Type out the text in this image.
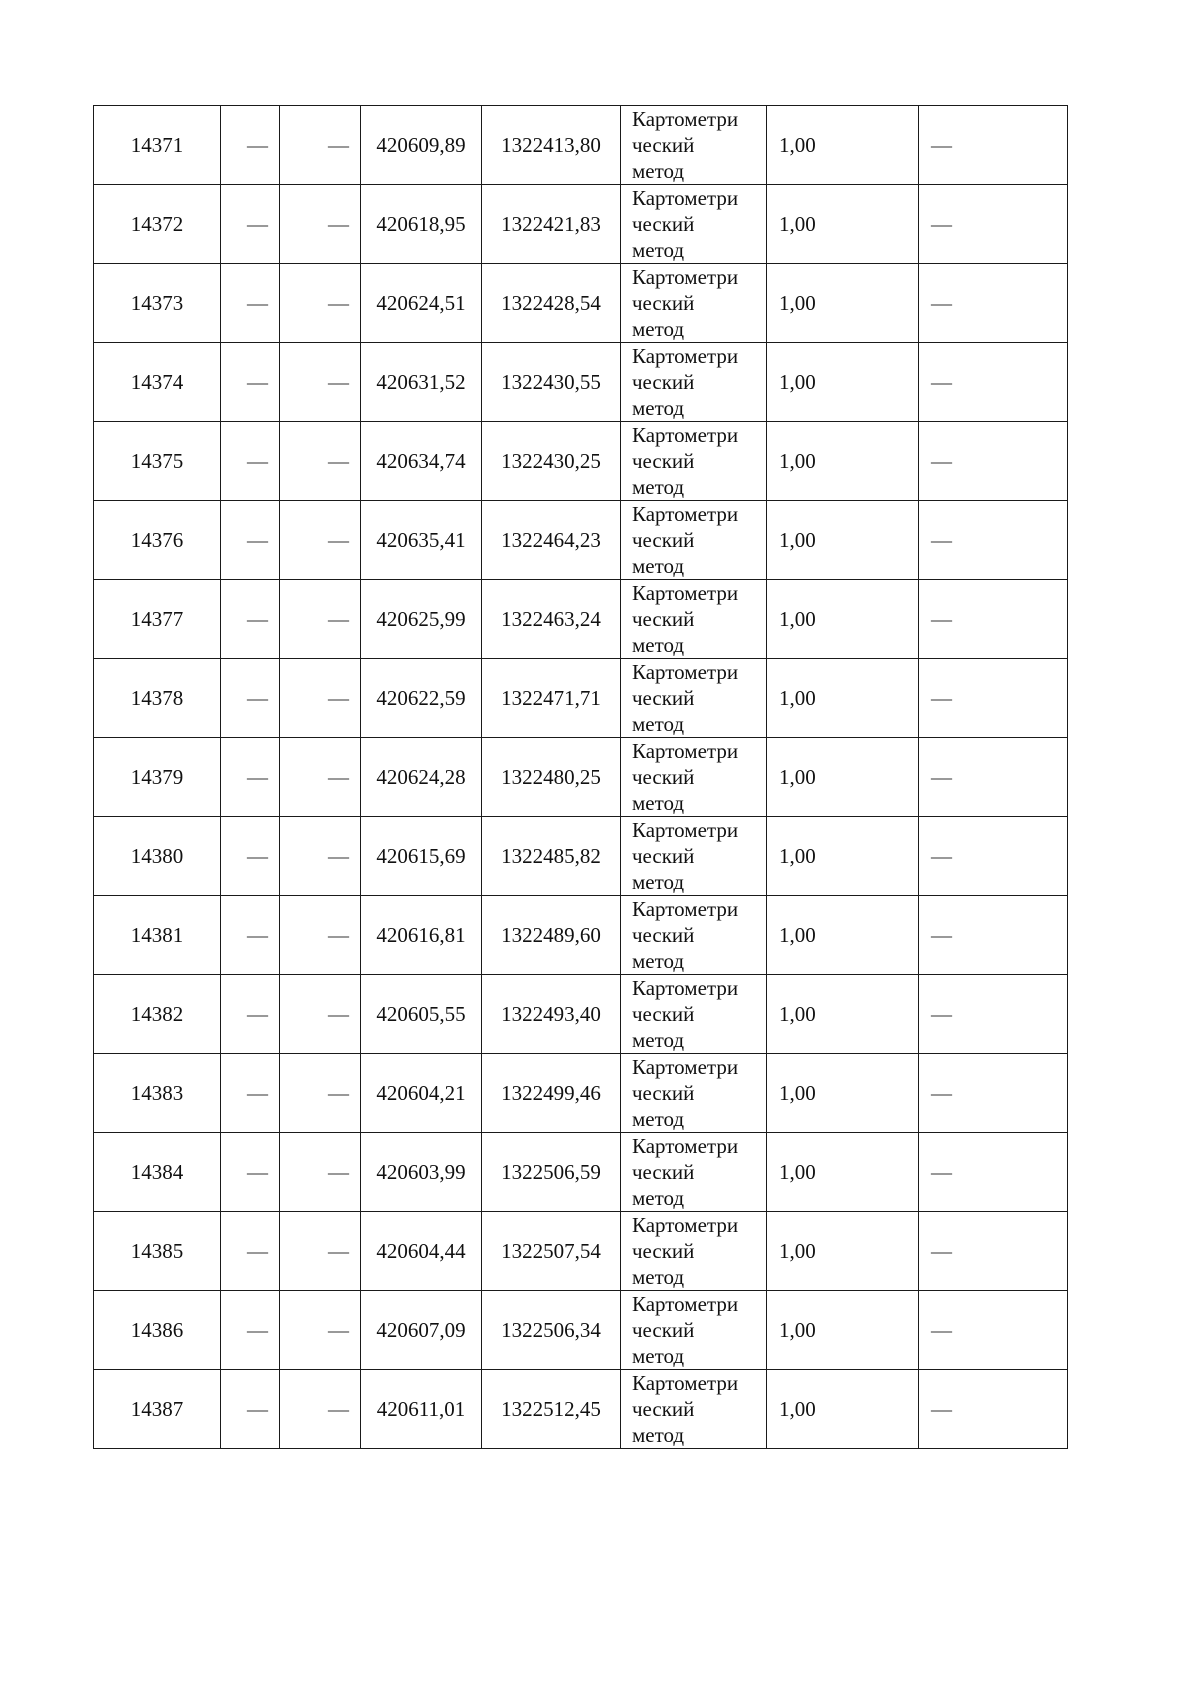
14371	—	—	420609,89	1322413,80	Картометри
ческий
метод	1,00	—
14372	—	—	420618,95	1322421,83	Картометри
ческий
метод	1,00	—
14373	—	—	420624,51	1322428,54	Картометри
ческий
метод	1,00	—
14374	—	—	420631,52	1322430,55	Картометри
ческий
метод	1,00	—
14375	—	—	420634,74	1322430,25	Картометри
ческий
метод	1,00	—
14376	—	—	420635,41	1322464,23	Картометри
ческий
метод	1,00	—
14377	—	—	420625,99	1322463,24	Картометри
ческий
метод	1,00	—
14378	—	—	420622,59	1322471,71	Картометри
ческий
метод	1,00	—
14379	—	—	420624,28	1322480,25	Картометри
ческий
метод	1,00	—
14380	—	—	420615,69	1322485,82	Картометри
ческий
метод	1,00	—
14381	—	—	420616,81	1322489,60	Картометри
ческий
метод	1,00	—
14382	—	—	420605,55	1322493,40	Картометри
ческий
метод	1,00	—
14383	—	—	420604,21	1322499,46	Картометри
ческий
метод	1,00	—
14384	—	—	420603,99	1322506,59	Картометри
ческий
метод	1,00	—
14385	—	—	420604,44	1322507,54	Картометри
ческий
метод	1,00	—
14386	—	—	420607,09	1322506,34	Картометри
ческий
метод	1,00	—
14387	—	—	420611,01	1322512,45	Картометри
ческий
метод	1,00	—
